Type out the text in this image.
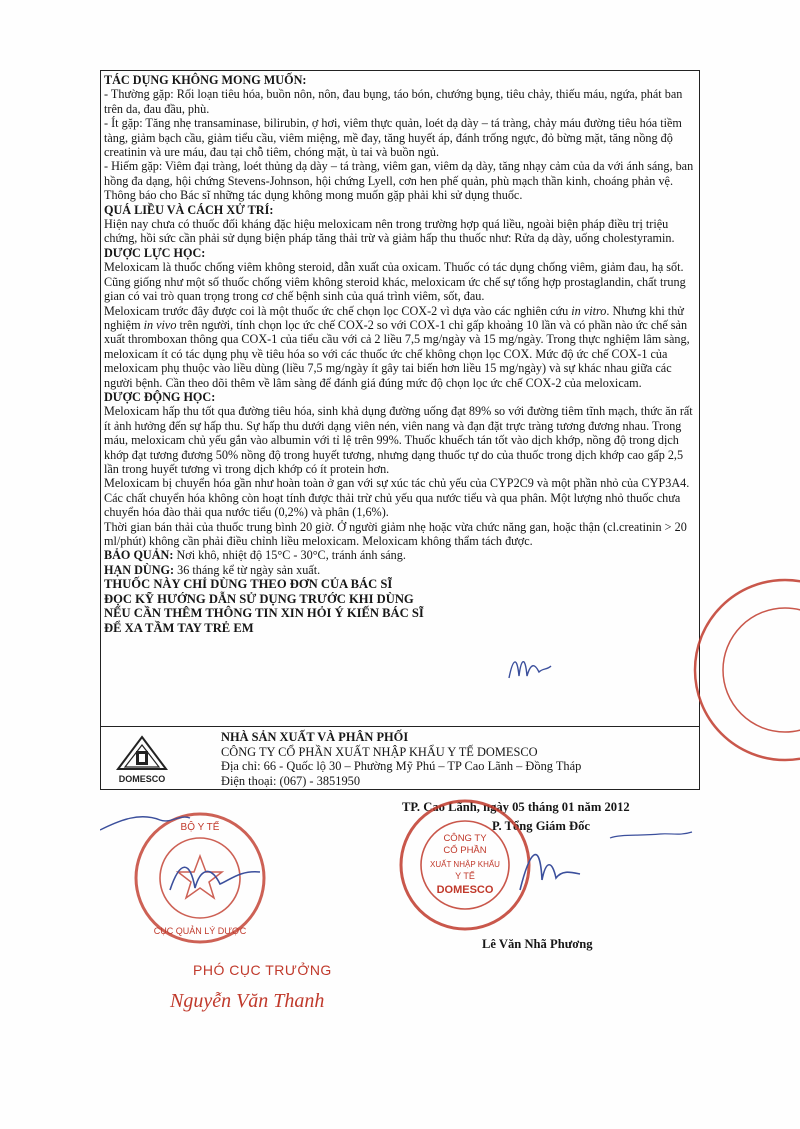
TÁC DỤNG KHÔNG MONG MUỐN:

- Thường gặp: Rối loạn tiêu hóa, buồn nôn, nôn, đau bụng, táo bón, chướng bụng, tiêu chảy, thiếu máu, ngứa, phát ban trên da, đau đầu, phù.

- Ít gặp: Tăng nhẹ transaminase, bilirubin, ợ hơi, viêm thực quản, loét dạ dày – tá tràng, chảy máu đường tiêu hóa tiềm tàng, giảm bạch cầu, giảm tiểu cầu, viêm miệng, mề đay, tăng huyết áp, đánh trống ngực, đỏ bừng mặt, tăng nồng độ creatinin và ure máu, đau tại chỗ tiêm, chóng mặt, ù tai và buồn ngủ.

- Hiếm gặp: Viêm đại tràng, loét thủng dạ dày – tá tràng, viêm gan, viêm dạ dày, tăng nhạy cảm của da với ánh sáng, ban hồng đa dạng, hội chứng Stevens-Johnson, hội chứng Lyell, cơn hen phế quản, phù mạch thần kinh, choáng phản vệ.

Thông báo cho Bác sĩ những tác dụng không mong muốn gặp phải khi sử dụng thuốc.

QUÁ LIỀU VÀ CÁCH XỬ TRÍ:

Hiện nay chưa có thuốc đối kháng đặc hiệu meloxicam nên trong trường hợp quá liều, ngoài biện pháp điều trị triệu chứng, hồi sức cần phải sử dụng biện pháp tăng thải trừ và giảm hấp thu thuốc như: Rửa dạ dày, uống cholestyramin.

DƯỢC LỰC HỌC:

Meloxicam là thuốc chống viêm không steroid, dẫn xuất của oxicam. Thuốc có tác dụng chống viêm, giảm đau, hạ sốt. Cũng giống như một số thuốc chống viêm không steroid khác, meloxicam ức chế sự tổng hợp prostaglandin, chất trung gian có vai trò quan trọng trong cơ chế bệnh sinh của quá trình viêm, sốt, đau.

Meloxicam trước đây được coi là một thuốc ức chế chọn lọc COX-2 vì dựa vào các nghiên cứu in vitro. Nhưng khi thử nghiệm in vivo trên người, tính chọn lọc ức chế COX-2 so với COX-1 chỉ gấp khoảng 10 lần và có phần nào ức chế sản xuất thromboxan thông qua COX-1 của tiểu cầu với cả 2 liều 7,5 mg/ngày và 15 mg/ngày. Trong thực nghiệm lâm sàng, meloxicam ít có tác dụng phụ về tiêu hóa so với các thuốc ức chế không chọn lọc COX. Mức độ ức chế COX-1 của meloxicam phụ thuộc vào liều dùng (liều 7,5 mg/ngày ít gây tai biến hơn liều 15 mg/ngày) và sự khác nhau giữa các người bệnh. Cần theo dõi thêm về lâm sàng để đánh giá đúng mức độ chọn lọc ức chế COX-2 của meloxicam.

DƯỢC ĐỘNG HỌC:

Meloxicam hấp thu tốt qua đường tiêu hóa, sinh khả dụng đường uống đạt 89% so với đường tiêm tĩnh mạch, thức ăn rất ít ảnh hưởng đến sự hấp thu. Sự hấp thu dưới dạng viên nén, viên nang và đạn đặt trực tràng tương đương nhau. Trong máu, meloxicam chủ yếu gắn vào albumin với tỉ lệ trên 99%. Thuốc khuếch tán tốt vào dịch khớp, nồng độ trong dịch khớp đạt tương đương 50% nồng độ trong huyết tương, nhưng dạng thuốc tự do của thuốc trong dịch khớp cao gấp 2,5 lần trong huyết tương vì trong dịch khớp có ít protein hơn.

Meloxicam bị chuyển hóa gần như hoàn toàn ở gan với sự xúc tác chủ yếu của CYP2C9 và một phần nhỏ của CYP3A4. Các chất chuyển hóa không còn hoạt tính được thải trừ chủ yếu qua nước tiểu và qua phân. Một lượng nhỏ thuốc chưa chuyển hóa đào thải qua nước tiểu (0,2%) và phân (1,6%).

Thời gian bán thải của thuốc trung bình 20 giờ. Ở người giảm nhẹ hoặc vừa chức năng gan, hoặc thận (cl.creatinin > 20 ml/phút) không cần phải điều chỉnh liều meloxicam. Meloxicam không thẩm tách được.

BẢO QUẢN: Nơi khô, nhiệt độ 15°C - 30°C, tránh ánh sáng.

HẠN DÙNG: 36 tháng kể từ ngày sản xuất.

THUỐC NÀY CHỈ DÙNG THEO ĐƠN CỦA BÁC SĨ

ĐỌC KỸ HƯỚNG DẪN SỬ DỤNG TRƯỚC KHI DÙNG

NẾU CẦN THÊM THÔNG TIN XIN HỎI Ý KIẾN BÁC SĨ

ĐỂ XA TẦM TAY TRẺ EM

DOMESCO
NHÀ SẢN XUẤT VÀ PHÂN PHỐI
CÔNG TY CỔ PHẦN XUẤT NHẬP KHẨU Y TẾ DOMESCO
Địa chỉ: 66 - Quốc lộ 30 – Phường Mỹ Phú – TP Cao Lãnh – Đồng Tháp
Điện thoại: (067) - 3851950
TP. Cao Lãnh, ngày 05 tháng 01 năm 2012
P. Tổng Giám Đốc
CÔNG TY
CỔ PHẦN
XUẤT NHẬP KHẨU
Y TẾ
DOMESCO
Lê Văn Nhã Phương
BỘ Y TẾ
CỤC QUẢN LÝ DƯỢC
PHÓ CỤC TRƯỞNG
Nguyễn Văn Thanh
